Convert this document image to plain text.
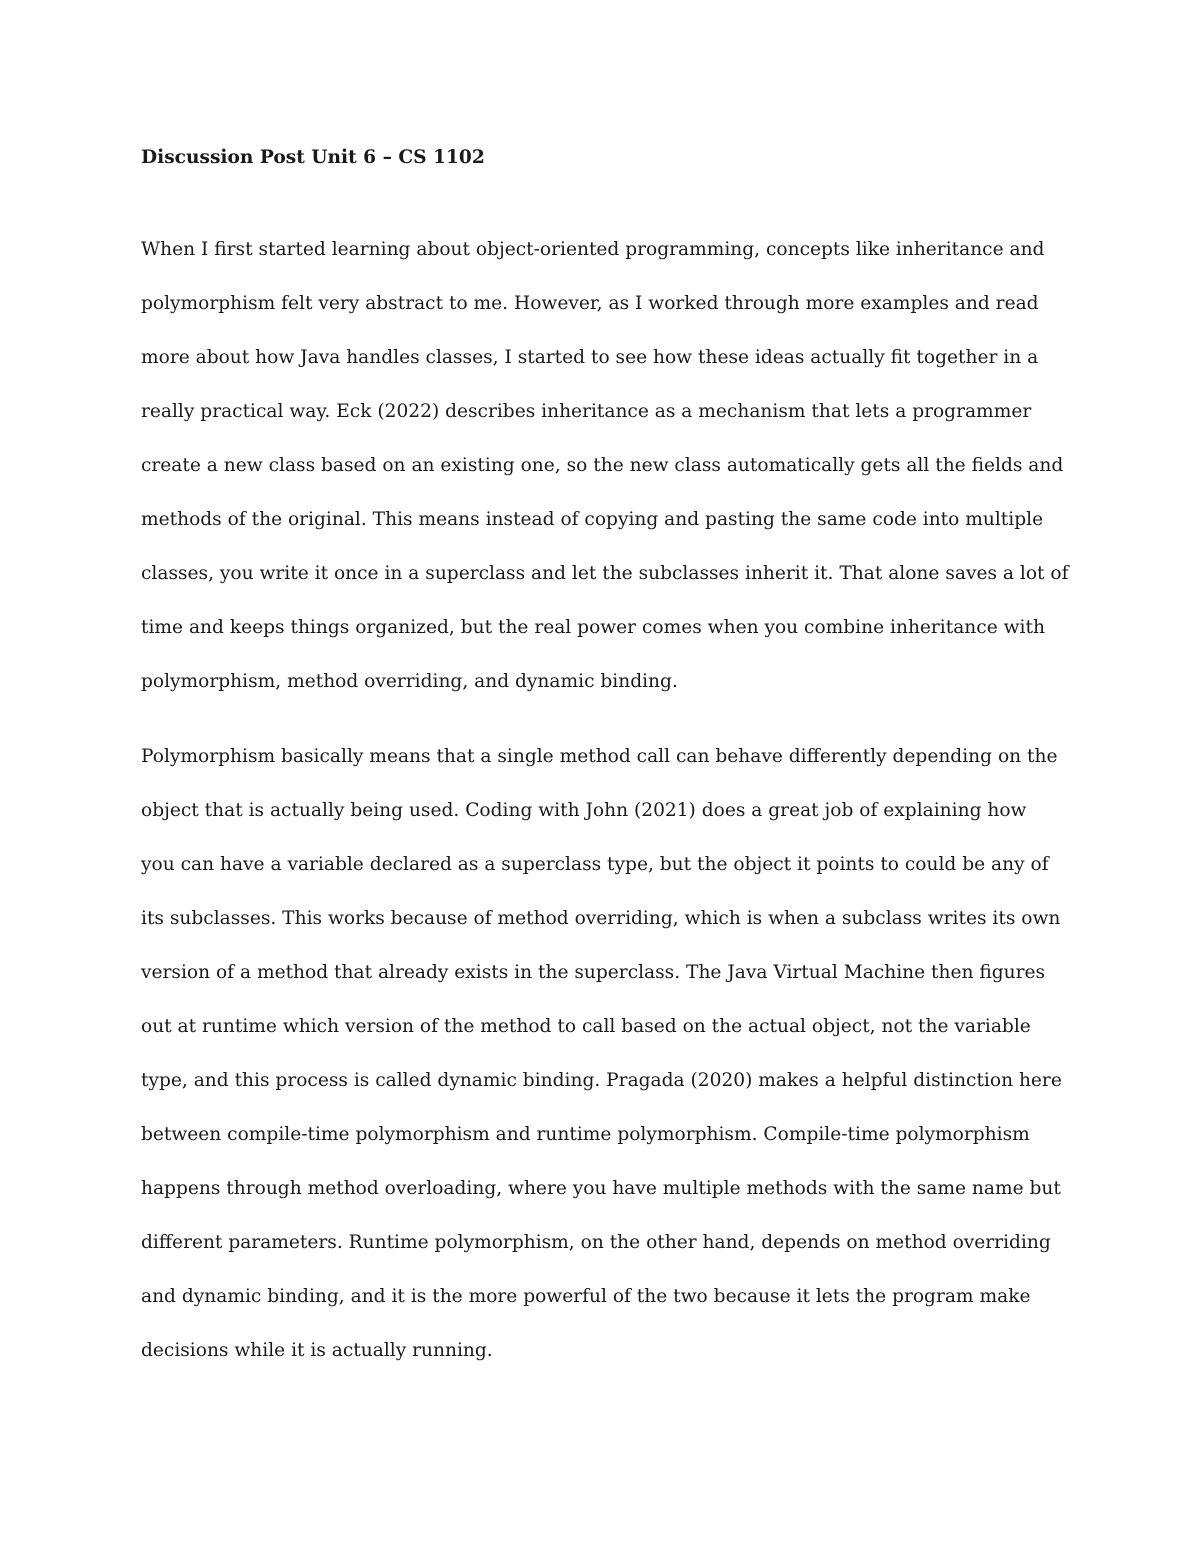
Discussion Post Unit 6 – CS 1102
When I first started learning about object-oriented programming, concepts like inheritance and
polymorphism felt very abstract to me. However, as I worked through more examples and read
more about how Java handles classes, I started to see how these ideas actually fit together in a
really practical way. Eck (2022) describes inheritance as a mechanism that lets a programmer
create a new class based on an existing one, so the new class automatically gets all the fields and
methods of the original. This means instead of copying and pasting the same code into multiple
classes, you write it once in a superclass and let the subclasses inherit it. That alone saves a lot of
time and keeps things organized, but the real power comes when you combine inheritance with
polymorphism, method overriding, and dynamic binding.
Polymorphism basically means that a single method call can behave differently depending on the
object that is actually being used. Coding with John (2021) does a great job of explaining how
you can have a variable declared as a superclass type, but the object it points to could be any of
its subclasses. This works because of method overriding, which is when a subclass writes its own
version of a method that already exists in the superclass. The Java Virtual Machine then figures
out at runtime which version of the method to call based on the actual object, not the variable
type, and this process is called dynamic binding. Pragada (2020) makes a helpful distinction here
between compile-time polymorphism and runtime polymorphism. Compile-time polymorphism
happens through method overloading, where you have multiple methods with the same name but
different parameters. Runtime polymorphism, on the other hand, depends on method overriding
and dynamic binding, and it is the more powerful of the two because it lets the program make
decisions while it is actually running.
